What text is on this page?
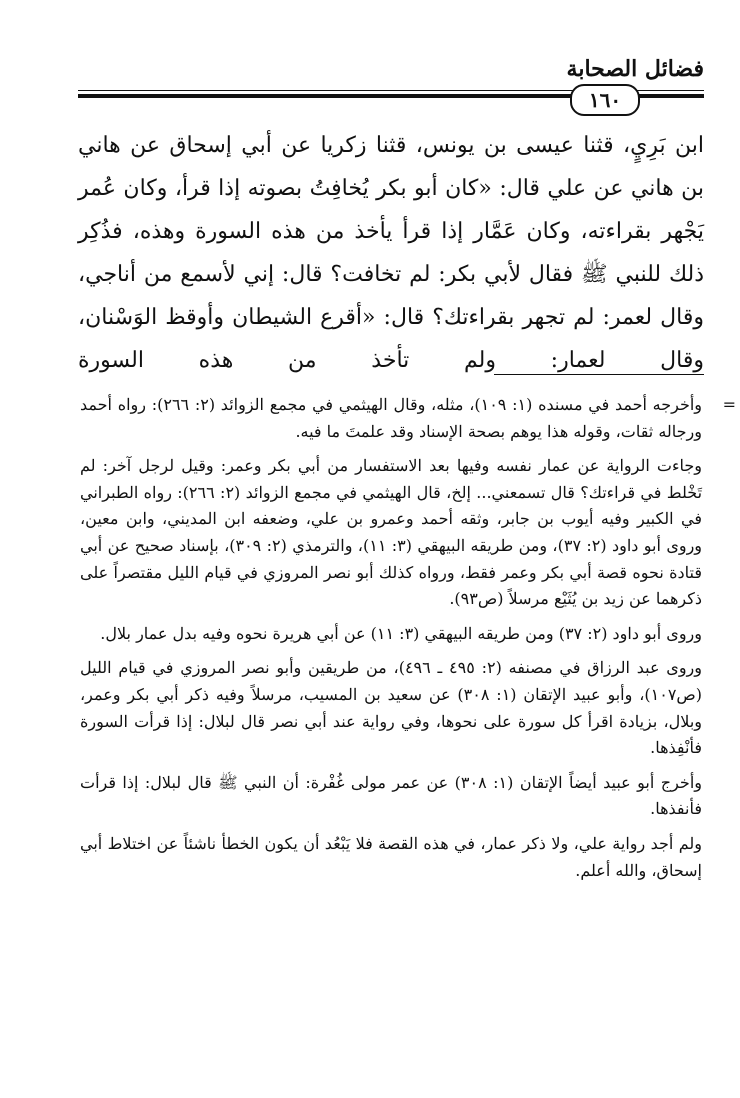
فضائل الصحابة
١٦٠

ابن بَرِيٍ، قثنا عيسى بن يونس، قثنا زكريا عن أبي إسحاق عن هاني بن هاني عن علي قال: «كان أبو بكر يُخافِتُ بصوته إذا قرأ، وكان عُمر يَجْهر بقراءته، وكان عَمَّار إذا قرأ يأخذ من هذه السورة وهذه، فذُكِر ذلك للنبي ﷺ فقال لأبي بكر: لم تخافت؟ قال: إني لأسمع من أناجي، وقال لعمر: لم تجهر بقراءتك؟ قال: «أقرع الشيطان وأوقظ الوَسْنان، وقال لعمار: ولم تأخذ من هذه السورة

=
وأخرجه أحمد في مسنده (١: ١٠٩)، مثله، وقال الهيثمي في مجمع الزوائد (٢: ٢٦٦): رواه أحمد ورجاله ثقات، وقوله هذا يوهم بصحة الإسناد وقد علمتَ ما فيه.

وجاءت الرواية عن عمار نفسه وفيها بعد الاستفسار من أبي بكر وعمر: وقيل لرجل آخر: لم تَخْلط في قراءتك؟ قال تسمعني... إلخ، قال الهيثمي في مجمع الزوائد (٢: ٢٦٦): رواه الطبراني في الكبير وفيه أيوب بن جابر، وثقه أحمد وعمرو بن علي، وضعفه ابن المديني، وابن معين، وروى أبو داود (٢: ٣٧)، ومن طريقه البيهقي (٣: ١١)، والترمذي (٢: ٣٠٩)، بإسناد صحيح عن أبي قتادة نحوه قصة أبي بكر وعمر فقط، ورواه كذلك أبو نصر المروزي في قيام الليل مقتصراً على ذكرهما عن زيد بن يُثَيْع مرسلاً (ص٩٣).

وروى أبو داود (٢: ٣٧) ومن طريقه البيهقي (٣: ١١) عن أبي هريرة نحوه وفيه بدل عمار بلال.

وروى عبد الرزاق في مصنفه (٢: ٤٩٥ ـ ٤٩٦)، من طريقين وأبو نصر المروزي في قيام الليل (ص١٠٧)، وأبو عبيد الإتقان (١: ٣٠٨) عن سعيد بن المسيب، مرسلاً وفيه ذكر أبي بكر وعمر، وبلال، بزيادة اقرأ كل سورة على نحوها، وفي رواية عند أبي نصر قال لبلال: إذا قرأت السورة فأنْفِذها.

وأخرج أبو عبيد أيضاً الإتقان (١: ٣٠٨) عن عمر مولى غُفْرة: أن النبي ﷺ قال لبلال: إذا قرأت فأنفذها.

ولم أجد رواية علي، ولا ذكر عمار، في هذه القصة فلا يَبْعُد أن يكون الخطأ ناشئاً عن اختلاط أبي إسحاق، والله أعلم.
